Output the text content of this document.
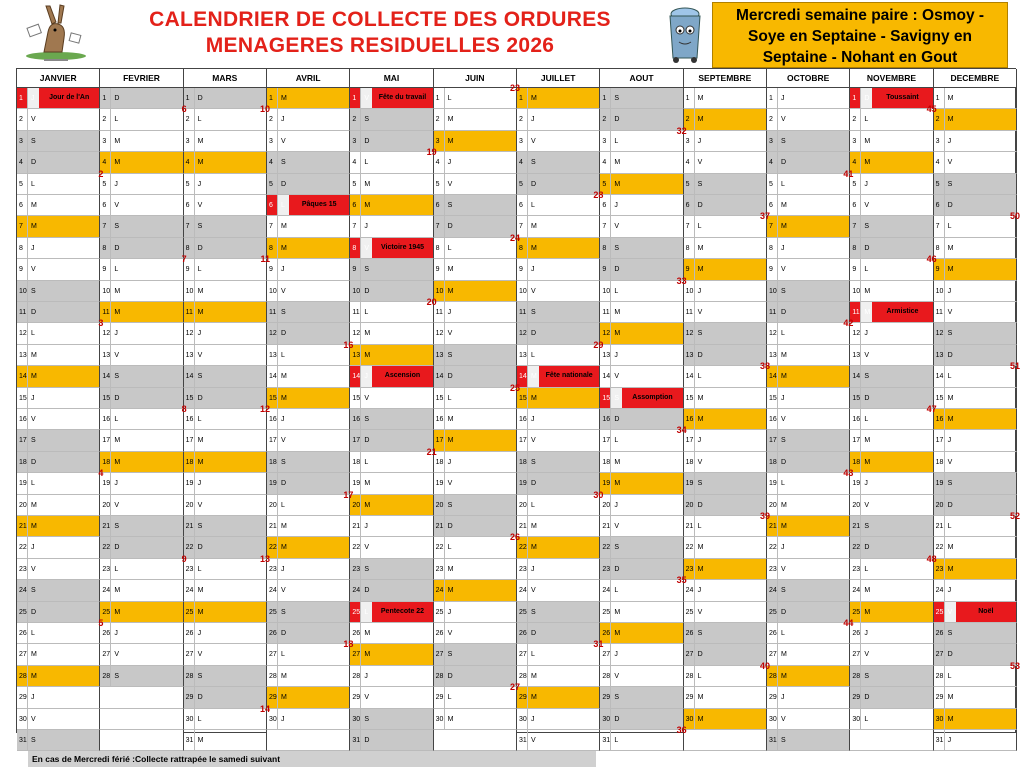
CALENDRIER DE COLLECTE DES ORDURES
MENAGERES RESIDUELLES 2026
Mercredi semaine paire : Osmoy -
Soye en Septaine - Savigny en
Septaine - Nohant en Gout
JANVIER
1 J	Jour de l'An
2 V
3 S
4 D
5 L
2
6 M
7 M
8 J
9 V
10 S
11 D
12 L
3
13 M
14 M
15 J
16 V
17 S
18 D
19 L
4
20 M
21 M
22 J
23 V
24 S
25 D
26 L
5
27 M
28 M
29 J
30 V
31 S
FEVRIER
1 D
2 L
6
3 M
4 M
5 J
6 V
7 S
8 D
9 L
7
10 M
11 M
12 J
13 V
14 S
15 D
16 L
8
17 M
18 M
19 J
20 V
21 S
22 D
23 L
9
24 M
25 M
26 J
27 V
28 S
MARS
1 D
2 L
10
3 M
4 M
5 J
6 V
7 S
8 D
9 L
11
10 M
11 M
12 J
13 V
14 S
15 D
16 L
12
17 M
18 M
19 J
20 V
21 S
22 D
23 L
13
24 M
25 M
26 J
27 V
28 S
29 D
30 L
14
31 M
AVRIL
1 M
2 J
3 V
4 S
5 D
6 L	Pâques 15
7 M
8 M
9 J
10 V
11 S
12 D
13 L
16
14 M
15 M
16 J
17 V
18 S
19 D
20 L
17
21 M
22 M
23 J
24 V
25 S
26 D
27 L
18
28 M
29 M
30 J
MAI
1 V	Fête du travail
2 S
3 D
4 L
19
5 M
6 M
7 J
8 V	Victoire 1945
9 S
10 D
11 L
20
12 M
13 M
14 J	Ascension
15 V
16 S
17 D
18 L
21
19 M
20 M
21 J
22 V
23 S
24 D
25 L	Pentecote 22
26 M
27 M
28 J
29 V
30 S
31 D
JUIN
1 L
23
2 M
3 M
4 J
5 V
6 S
7 D
8 L
24
9 M
10 M
11 J
12 V
13 S
14 D
15 L
25
16 M
17 M
18 J
19 V
20 S
21 D
22 L
26
23 M
24 M
25 J
26 V
27 S
28 D
29 L
27
30 M
JUILLET
1 M
2 J
3 V
4 S
5 D
6 L
28
7 M
8 M
9 J
10 V
11 S
12 D
13 L
29
14 M	Fête nationale
15 M
16 J
17 V
18 S
19 D
20 L
30
21 M
22 M
23 J
24 V
25 S
26 D
27 L
31
28 M
29 M
30 J
31 V
AOUT
1 S
2 D
3 L
32
4 M
5 M
6 J
7 V
8 S
9 D
10 L
33
11 M
12 M
13 J
14 V
15 S	Assomption
16 D
17 L
34
18 M
19 M
20 J
21 V
22 S
23 D
24 L
35
25 M
26 M
27 J
28 V
29 S
30 D
31 L
36
SEPTEMBRE
1 M
2 M
3 J
4 V
5 S
6 D
7 L
37
8 M
9 M
10 J
11 V
12 S
13 D
14 L
38
15 M
16 M
17 J
18 V
19 S
20 D
21 L
39
22 M
23 M
24 J
25 V
26 S
27 D
28 L
40
29 M
30 M
OCTOBRE
1 J
2 V
3 S
4 D
5 L
41
6 M
7 M
8 J
9 V
10 S
11 D
12 L
42
13 M
14 M
15 J
16 V
17 S
18 D
19 L
43
20 M
21 M
22 J
23 V
24 S
25 D
26 L
44
27 M
28 M
29 J
30 V
31 S
NOVEMBRE
1 D	Toussaint
2 L
45
3 M
4 M
5 J
6 V
7 S
8 D
9 L
46
10 M
11 M	Armistice
12 J
13 V
14 S
15 D
16 L
47
17 M
18 M
19 J
20 V
21 S
22 D
23 L
48
24 M
25 M
26 J
27 V
28 S
29 D
30 L
DECEMBRE
1 M
2 M
3 J
4 V
5 S
6 D
7 L
50
8 M
9 M
10 J
11 V
12 S
13 D
14 L
51
15 M
16 M
17 J
18 V
19 S
20 D
21 L
52
22 M
23 M
24 J
25 V	Noël
26 S
27 D
28 L
53
29 M
30 M
31 J
En cas de Mercredi férié :Collecte rattrapée le samedi suivant
